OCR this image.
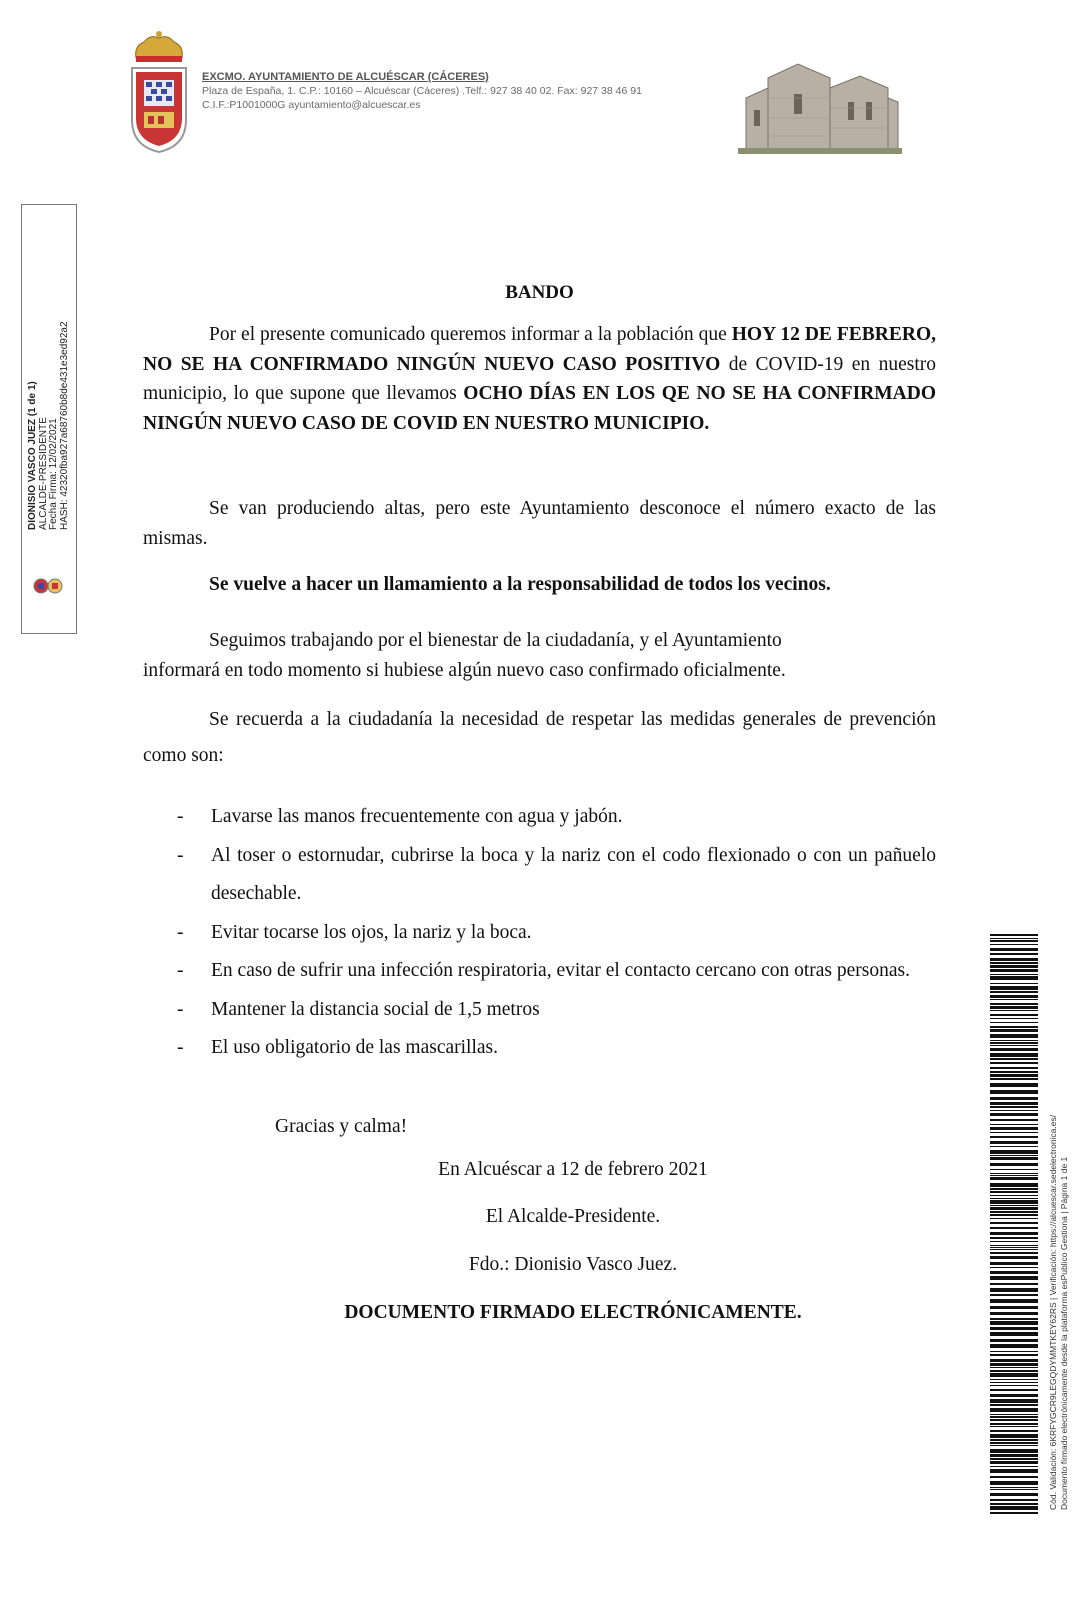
EXCMO. AYUNTAMIENTO DE ALCUÉSCAR (CÁCERES)
Plaza de España, 1. C.P.: 10160 – Alcuéscar (Cáceres) .Telf.: 927 38 40 02. Fax: 927 38 46 91
C.I.F.:P1001000G ayuntamiento@alcuescar.es
DIONISIO VASCO JUEZ (1 de 1) ALCALDE-PRESIDENTE Fecha Firma: 12/02/2021 HASH: 42320fba927a68760b8de431e3ed92a2
BANDO

Por el presente comunicado queremos informar a la población que HOY 12 DE FEBRERO, NO SE HA CONFIRMADO NINGÚN NUEVO CASO POSITIVO de COVID-19 en nuestro municipio, lo que supone que llevamos OCHO DÍAS EN LOS QE NO SE HA CONFIRMADO NINGÚN NUEVO CASO DE COVID EN NUESTRO MUNICIPIO.

Se van produciendo altas, pero este Ayuntamiento desconoce el número exacto de las mismas.

Se vuelve a hacer un llamamiento a la responsabilidad de todos los vecinos.

Seguimos trabajando por el bienestar de la ciudadanía, y el Ayuntamiento
informará en todo momento si hubiese algún nuevo caso confirmado oficialmente.

Se recuerda a la ciudadanía la necesidad de respetar las medidas generales de prevención como son:

- Lavarse las manos frecuentemente con agua y jabón.
- Al toser o estornudar, cubrirse la boca y la nariz con el codo flexionado o con un pañuelo desechable.
- Evitar tocarse los ojos, la nariz y la boca.
- En caso de sufrir una infección respiratoria, evitar el contacto cercano con otras personas.
- Mantener la distancia social de 1,5 metros
- El uso obligatorio de las mascarillas.
Gracias y calma!
En Alcuéscar a 12 de febrero 2021
El Alcalde-Presidente.
Fdo.: Dionisio Vasco Juez.
DOCUMENTO FIRMADO ELECTRÓNICAMENTE.	Cód. Validación: 6KRFYGCR9LEGQDYMMTKEY62RS | Verificación: https://alcuescar.sedelectronica.es/ Documento firmado electrónicamente desde la plataforma esPublico Gestiona | Página 1 de 1
